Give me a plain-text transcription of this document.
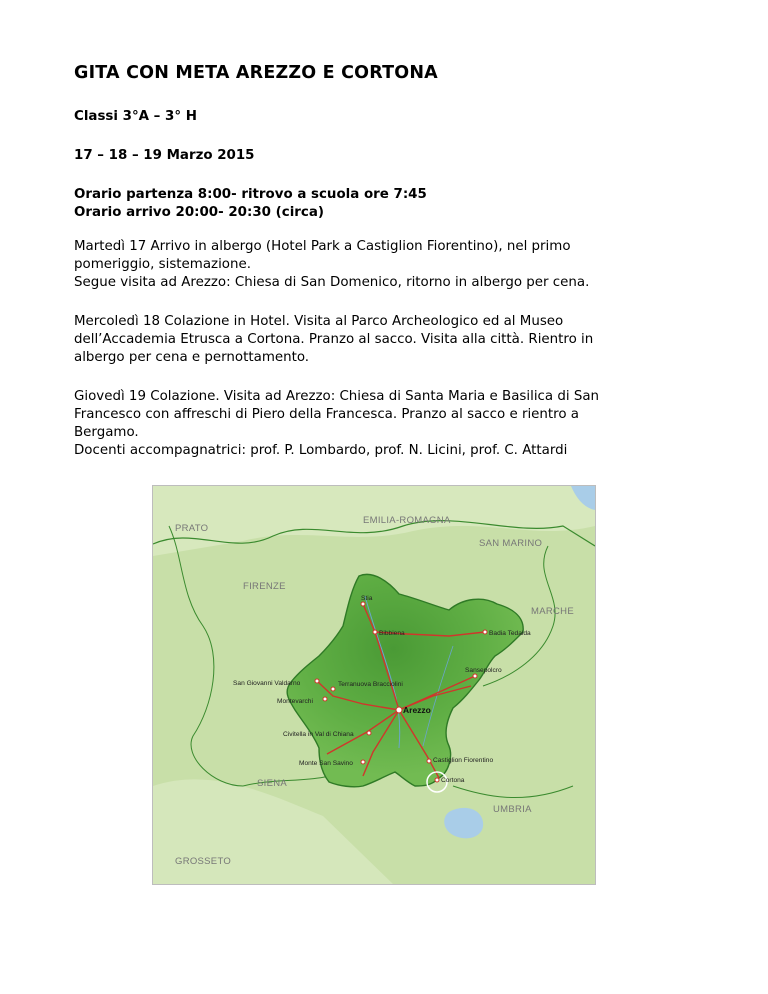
GITA CON META AREZZO E CORTONA
Classi 3°A – 3° H
17 – 18 – 19 Marzo 2015
Orario partenza 8:00- ritrovo a scuola ore 7:45
Orario arrivo 20:00- 20:30 (circa)
Martedì 17 Arrivo in albergo (Hotel Park a Castiglion Fiorentino), nel primo
pomeriggio, sistemazione.
Segue visita ad Arezzo: Chiesa di San Domenico, ritorno in albergo per cena.
Mercoledì 18 Colazione in Hotel. Visita al Parco Archeologico ed al Museo
dell’Accademia Etrusca a Cortona. Pranzo al sacco. Visita alla città. Rientro in
albergo per cena e pernottamento.
Giovedì 19 Colazione. Visita ad Arezzo: Chiesa di Santa Maria e Basilica di San
Francesco con affreschi di Piero della Francesca. Pranzo al sacco e rientro a
Bergamo.
Docenti accompagnatrici: prof. P. Lombardo, prof. N. Licini, prof. C. Attardi
PRATO
EMILIA-ROMAGNA
SAN MARINO
FIRENZE
MARCHE
SIENA
UMBRIA
GROSSETO
Stia
Bibbiena	Badia Tedalda
Sansepolcro
San Giovanni Valdarno	Terranuova Bracciolini
Montevarchi
Arezzo
Civitella in Val di Chiana
Monte San Savino	Castiglion Fiorentino
Cortona
